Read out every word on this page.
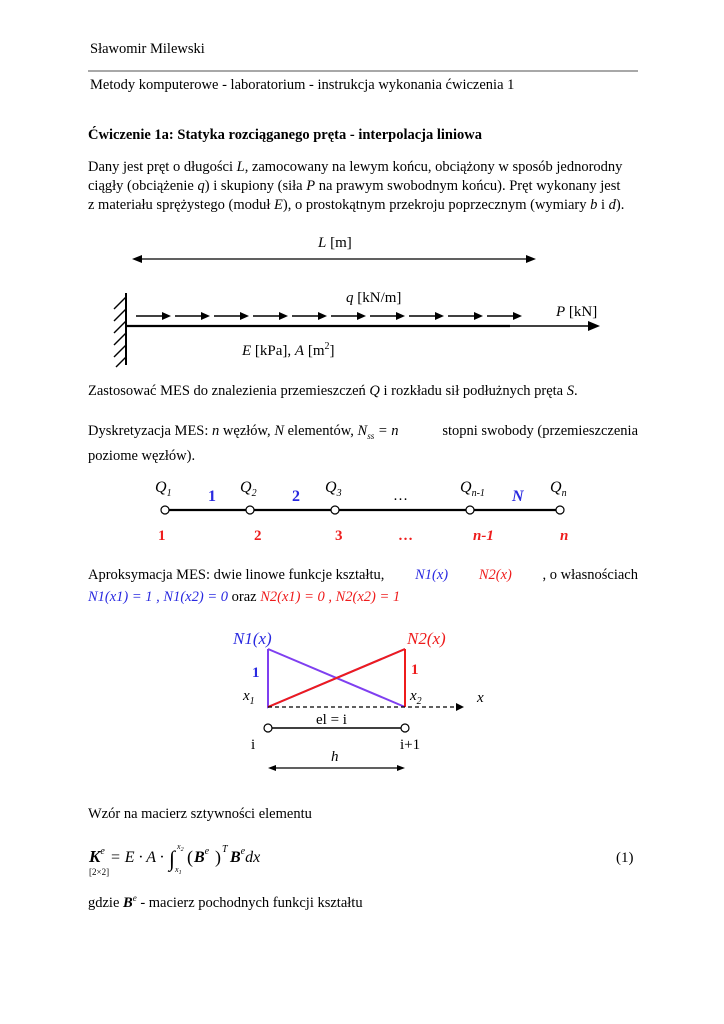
Sławomir Milewski
Metody komputerowe - laboratorium - instrukcja wykonania ćwiczenia 1
Ćwiczenie 1a: Statyka rozciąganego pręta - interpolacja liniowa
Dany jest pręt o długości L, zamocowany na lewym końcu, obciążony w sposób jednorodny
ciągły (obciążenie q) i skupiony (siła P na prawym swobodnym końcu). Pręt wykonany jest
z materiału sprężystego (moduł E), o prostokątnym przekroju poprzecznym (wymiary b i d).
L [m]
q [kN/m]
P [kN]
E [kPa], A $[m^2]$
Zastosować MES do znalezienia przemieszczeń Q i rozkładu sił podłużnych pręta S.
Dyskretyzacja MES: n węzłów, N elementów, $N_{ss} = n$	stopni swobody (przemieszczenia
poziome węzłów).
$Q_1$	$Q_2$	$Q_3$	$Q_{n-1}$	$Q_n$
1	2	N
…
1	2	3	…	n-1	n
Aproksymacja MES: dwie linowe funkcje kształtu, N1(x) N2(x) , o własnościach
N1(x1) = 1 , N1(x2) = 0 oraz N2(x1) = 0 , N2(x2) = 1
N1(x)	N2(x)
1	1
$x_1$	$x_2$	x
el = i
i	i+1
h
Wzór na macierz sztywności elementu
$K^e$
[2×2]
= E · A · ∫ $x_2$
$x_1$
( $B^e$ ) T $B^edx$	(1)
gdzie $B^e$ - macierz pochodnych funkcji kształtu
